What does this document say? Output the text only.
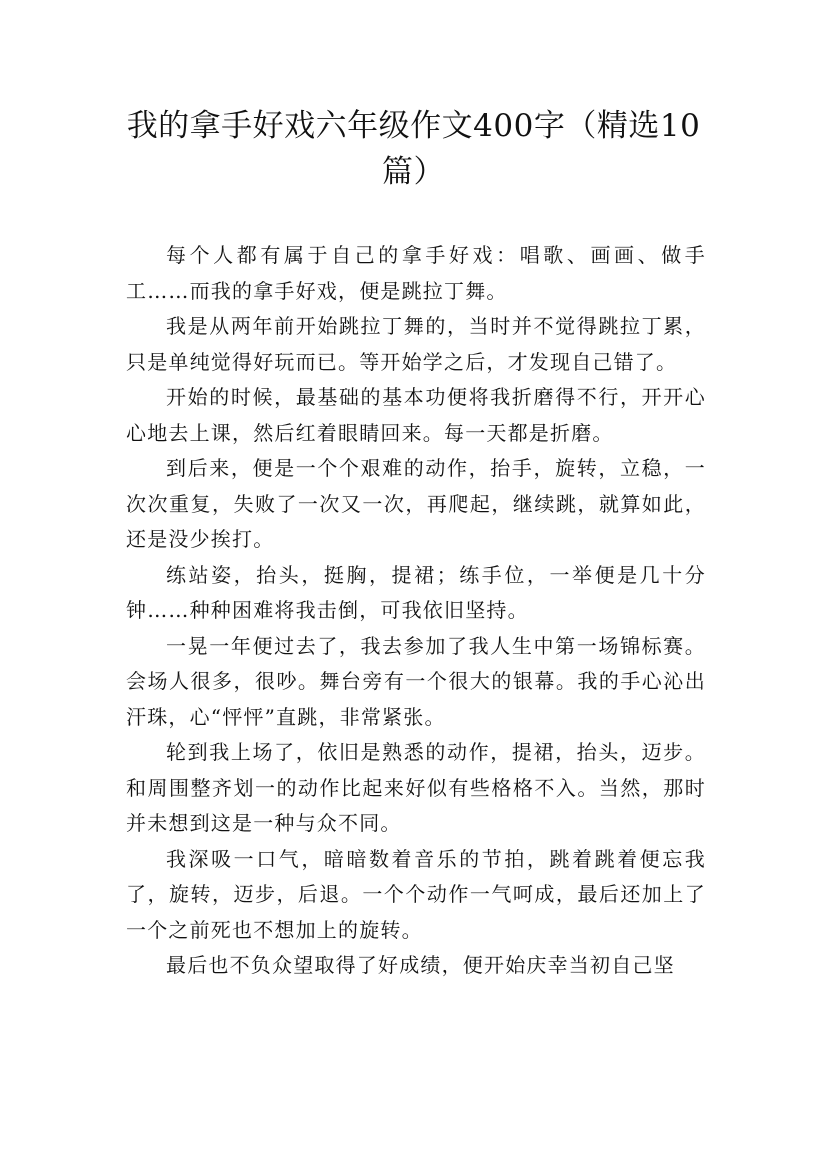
我的拿手好戏六年级作文400字（精选10篇）

每个人都有属于自己的拿手好戏：唱歌、画画、做手工……而我的拿手好戏，便是跳拉丁舞。

我是从两年前开始跳拉丁舞的，当时并不觉得跳拉丁累，只是单纯觉得好玩而已。等开始学之后，才发现自己错了。

开始的时候，最基础的基本功便将我折磨得不行，开开心心地去上课，然后红着眼睛回来。每一天都是折磨。

到后来，便是一个个艰难的动作，抬手，旋转，立稳，一次次重复，失败了一次又一次，再爬起，继续跳，就算如此，还是没少挨打。

练站姿，抬头，挺胸，提裙；练手位，一举便是几十分钟……种种困难将我击倒，可我依旧坚持。

一晃一年便过去了，我去参加了我人生中第一场锦标赛。会场人很多，很吵。舞台旁有一个很大的银幕。我的手心沁出汗珠，心“怦怦”直跳，非常紧张。

轮到我上场了，依旧是熟悉的动作，提裙，抬头，迈步。和周围整齐划一的动作比起来好似有些格格不入。当然，那时并未想到这是一种与众不同。

我深吸一口气，暗暗数着音乐的节拍，跳着跳着便忘我了，旋转，迈步，后退。一个个动作一气呵成，最后还加上了一个之前死也不想加上的旋转。

最后也不负众望取得了好成绩，便开始庆幸当初自己坚
